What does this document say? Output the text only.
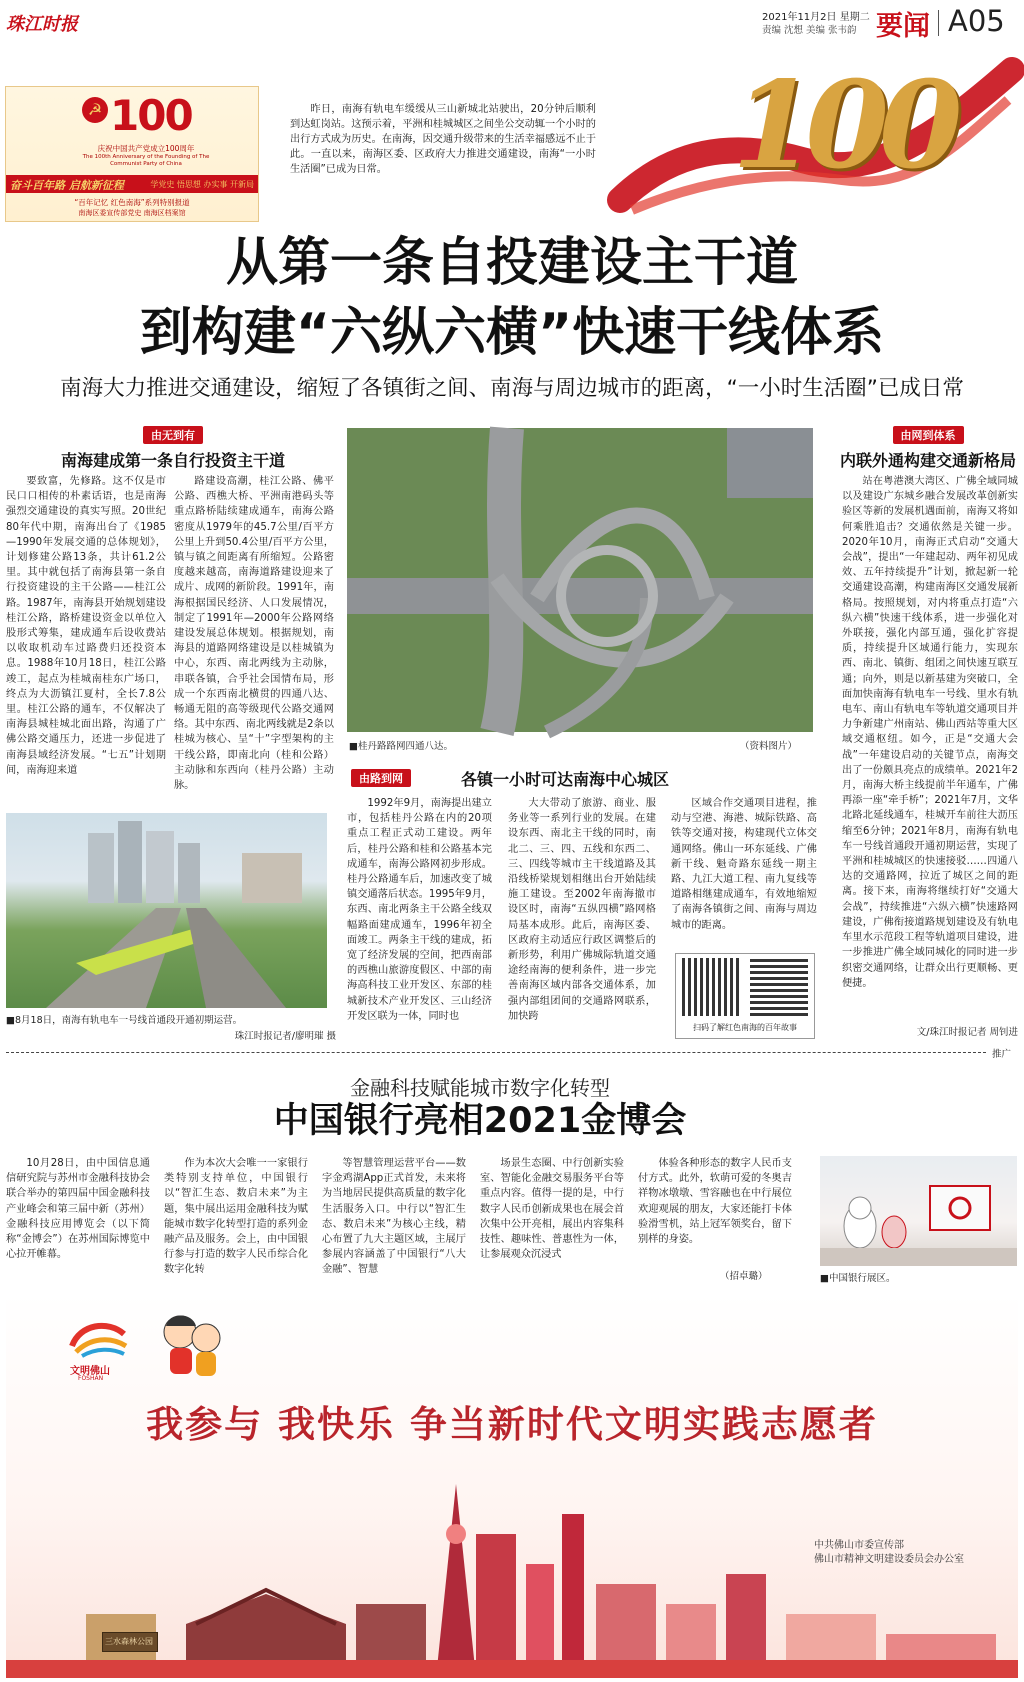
珠江时报	2021年11月2日 星期二
责编 沈想 美编 张韦韵 要闻 A05
☭ 100
庆祝中国共产党成立100周年
The 100th Anniversary of the Founding of The Communist Party of China
奋斗百年路 启航新征程	学党史 悟思想 办实事 开新局
“百年记忆 红色南海”系列特别报道
南海区委宣传部党史 南海区档案馆
昨日，南海有轨电车缓缓从三山新城北站驶出，20分钟后顺利到达虹岗站。这预示着，平洲和桂城城区之间坐公交动辄一个小时的出行方式成为历史。在南海，因交通升级带来的生活幸福感远不止于此。一直以来，南海区委、区政府大力推进交通建设，南海“一小时生活圈”已成为日常。	100
从第一条自投建设主干道
到构建“六纵六横”快速干线体系
南海大力推进交通建设，缩短了各镇街之间、南海与周边城市的距离，“一小时生活圈”已成日常
由无到有
南海建成第一条自行投资主干道
要致富，先修路。这不仅是市民口口相传的朴素话语，也是南海强烈交通建设的真实写照。20世纪80年代中期，南海出台了《1985—1990年发展交通的总体规划》，计划修建公路13条，共计61.2公里。其中就包括了南海县第一条自行投资建设的主干公路——桂江公路。1987年，南海县开始规划建设桂江公路，路桥建设资金以单位入股形式筹集，建成通车后设收费站以收取机动车过路费归还投资本息。1988年10月18日，桂江公路竣工，起点为桂城南桂东广场口，终点为大沥镇江夏村，全长7.8公里。桂江公路的通车，不仅解决了南海县城桂城北面出路，沟通了广佛公路交通压力，还进一步促进了南海县域经济发展。“七五”计划期间，南海迎来道
路建设高潮，桂江公路、佛平公路、西樵大桥、平洲南港码头等重点路桥陆续建成通车，南海公路密度从1979年的45.7公里/百平方公里上升到50.4公里/百平方公里，镇与镇之间距离有所缩短。公路密度越来越高，南海道路建设迎来了成片、成网的新阶段。1991年，南海根据国民经济、人口发展情况，制定了1991年—2000年公路网络建设发展总体规划。根据规划，南海县的道路网络建设是以桂城镇为中心，东西、南北两线为主动脉，串联各镇，合乎社会国情布局，形成一个东西南北横贯的四通八达、畅通无阻的高等级现代公路交通网络。其中东西、南北两线就是2条以桂城为核心、呈“十”字型架构的主干线公路，即南北向（桂和公路）主动脉和东西向（桂丹公路）主动脉。
■8月18日，南海有轨电车一号线首通段开通初期运营。
珠江时报记者/廖明璀 摄
■桂丹路路网四通八达。	（资料图片）
由路到网	各镇一小时可达南海中心城区
1992年9月，南海提出建立市，包括桂丹公路在内的20项重点工程正式动工建设。两年后，桂丹公路和桂和公路基本完成通车，南海公路网初步形成。桂丹公路通车后，加速改变了城镇交通落后状态。1995年9月，东西、南北两条主干公路全线双幅路面建成通车，1996年初全面竣工。两条主干线的建成，拓宽了经济发展的空间，把西南部的西樵山旅游度假区、中部的南海高科技工业开发区、东部的桂城新技术产业开发区、三山经济开发区联为一体，同时也
大大带动了旅游、商业、服务业等一系列行业的发展。在建设东西、南北主干线的同时，南北二、三、四、五线和东西二、三、四线等城市主干线道路及其沿线桥梁规划相继出台开始陆续施工建设。至2002年南海撤市设区时，南海“五纵四横”路网格局基本成形。此后，南海区委、区政府主动适应行政区调整后的新形势，利用广佛城际轨道交通途经南海的便利条件，进一步完善南海区域内部各交通体系，加强内部组团间的交通路网联系，加快跨
区域合作交通项目进程，推动与空港、海港、城际铁路、高铁等交通对接，构建现代立体交通网络。佛山一环东延线、广佛新干线、魁奇路东延线一期主路、九江大道工程、南九复线等道路相继建成通车，有效地缩短了南海各镇街之间、南海与周边城市的距离。
扫码了解红色南海的百年故事
由网到体系
内联外通构建交通新格局
站在粤港澳大湾区、广佛全域同城以及建设广东城乡融合发展改革创新实验区等新的发展机遇面前，南海又将如何乘胜追击？交通依然是关键一步。2020年10月，南海正式启动“交通大会战”，提出“一年建起动、两年初见成效、五年持续提升”计划，掀起新一轮交通建设高潮，构建南海区交通发展新格局。按照规划，对内将重点打造“六纵六横”快速干线体系，进一步强化对外联接，强化内部互通，强化扩容提质，持续提升区域通行能力，实现东西、南北、镇街、组团之间快速互联互通；向外，则是以新基建为突破口，全面加快南海有轨电车一号线、里水有轨电车、南山有轨电车等轨道交通项目并力争新建广州南站、佛山西站等重大区域交通枢纽。如今，正是“交通大会战”一年建设启动的关键节点，南海交出了一份颇具亮点的成绩单。2021年2月，南海大桥主线提前半年通车，广佛再添一座“牵手桥”；2021年7月，文华北路北延线通车，桂城开车前往大沥压缩至6分钟；2021年8月，南海有轨电车一号线首通段开通初期运营，实现了平洲和桂城城区的快速接驳……四通八达的交通路网，拉近了城区之间的距离。接下来，南海将继续打好“交通大会战”，持续推进“六纵六横”快速路网建设，广佛衔接道路规划建设及有轨电车里水示范段工程等轨道项目建设，进一步推进广佛全域同城化的同时进一步织密交通网络，让群众出行更顺畅、更便捷。
文/珠江时报记者 周钊进
推广
金融科技赋能城市数字化转型
中国银行亮相2021金博会
10月28日，由中国信息通信研究院与苏州市金融科技协会联合举办的第四届中国金融科技产业峰会和第三届中新（苏州）金融科技应用博览会（以下简称“金博会”）在苏州国际博览中心拉开帷幕。
作为本次大会唯一一家银行类特别支持单位，中国银行以“智汇生态、数启未来”为主题，集中展出运用金融科技为赋能城市数字化转型打造的系列金融产品及服务。会上，由中国银行参与打造的数字人民币综合化数字化转
等智慧管理运营平台——数字金鸡湖App正式首发，未来将为当地居民提供高质量的数字化生活服务入口。中行以“智汇生态、数启未来”为核心主线，精心布置了九大主题区域，主展厅参展内容涵盖了中国银行“八大金融”、智慧
场景生态圈、中行创新实验室、智能化金融交易服务平台等重点内容。值得一提的是，中行数字人民币创新成果也在展会首次集中公开亮相，展出内容集科技性、趣味性、普惠性为一体，让参展观众沉浸式
体验各种形态的数字人民币支付方式。此外，软萌可爱的冬奥吉祥物冰墩墩、雪容融也在中行展位欢迎观展的朋友，大家还能打卡体验滑雪机，站上冠军领奖台，留下别样的身姿。
（招卓璐）	■中国银行展区。
文明佛山
FOSHAN
我参与 我快乐 争当新时代文明实践志愿者
中共佛山市委宣传部
佛山市精神文明建设委员会办公室
三水森林公园
